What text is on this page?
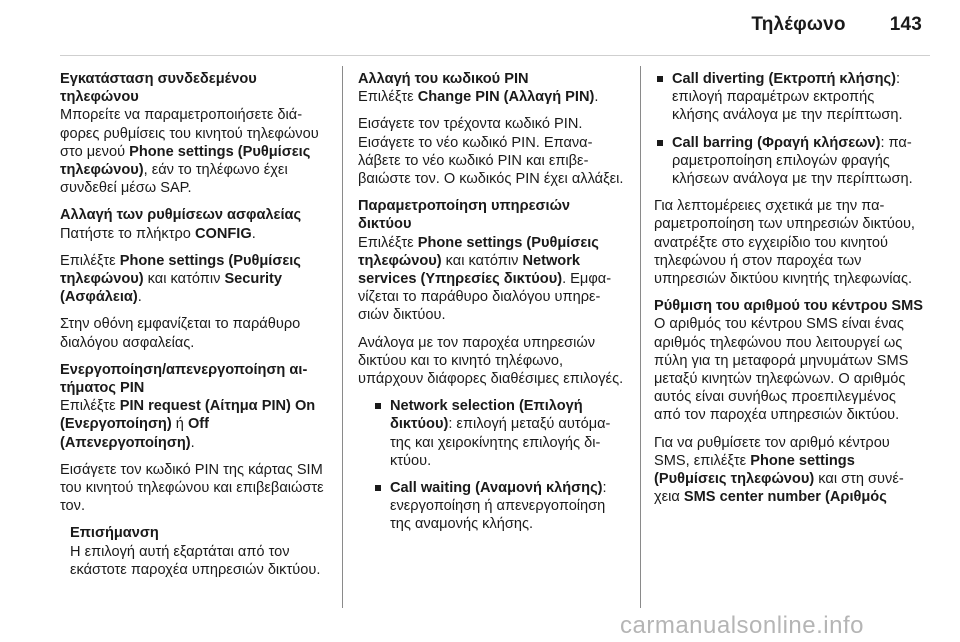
Τηλέφωνο 143
Εγκατάσταση συνδεδεμένου τηλεφώνου
Μπορείτε να παραμετροποιήσετε διάφορες ρυθμίσεις του κινητού τηλεφώνου στο μενού Phone settings (Ρυθμίσεις τηλεφώνου), εάν το τηλέφωνο έχει συνδεθεί μέσω SAP.
Αλλαγή των ρυθμίσεων ασφαλείας
Πατήστε το πλήκτρο CONFIG.

Επιλέξτε Phone settings (Ρυθμίσεις τηλεφώνου) και κατόπιν Security (Ασφάλεια).

Στην οθόνη εμφανίζεται το παράθυρο διαλόγου ασφαλείας.

Ενεργοποίηση/απενεργοποίηση αιτήματος PIN
Επιλέξτε PIN request (Αίτημα PIN) On (Ενεργοποίηση) ή Off (Απενεργοποίηση).

Εισάγετε τον κωδικό PIN της κάρτας SIM του κινητού τηλεφώνου και επιβεβαιώστε τον.

Επισήμανση
Η επιλογή αυτή εξαρτάται από τον εκάστοτε παροχέα υπηρεσιών δικτύου.
Αλλαγή του κωδικού PIN
Επιλέξτε Change PIN (Αλλαγή PIN).

Εισάγετε τον τρέχοντα κωδικό PIN. Εισάγετε το νέο κωδικό PIN. Επαναλάβετε το νέο κωδικό PIN και επιβεβαιώστε τον. Ο κωδικός PIN έχει αλλάξει.

Παραμετροποίηση υπηρεσιών δικτύου
Επιλέξτε Phone settings (Ρυθμίσεις τηλεφώνου) και κατόπιν Network services (Υπηρεσίες δικτύου). Εμφανίζεται το παράθυρο διαλόγου υπηρεσιών δικτύου.

Ανάλογα με τον παροχέα υπηρεσιών δικτύου και το κινητό τηλέφωνο, υπάρχουν διάφορες διαθέσιμες επιλογές.

Network selection (Επιλογή δικτύου): επιλογή μεταξύ αυτόματης και χειροκίνητης επιλογής δικτύου.
Call waiting (Αναμονή κλήσης): ενεργοποίηση ή απενεργοποίηση της αναμονής κλήσης.
Call diverting (Εκτροπή κλήσης): επιλογή παραμέτρων εκτροπής κλήσης ανάλογα με την περίπτωση.
Call barring (Φραγή κλήσεων): παραμετροποίηση επιλογών φραγής κλήσεων ανάλογα με την περίπτωση.

Για λεπτομέρειες σχετικά με την παραμετροποίηση των υπηρεσιών δικτύου, ανατρέξτε στο εγχειρίδιο του κινητού τηλεφώνου ή στον παροχέα των υπηρεσιών δικτύου κινητής τηλεφωνίας.

Ρύθμιση του αριθμού του κέντρου SMS
Ο αριθμός του κέντρου SMS είναι ένας αριθμός τηλεφώνου που λειτουργεί ως πύλη για τη μεταφορά μηνυμάτων SMS μεταξύ κινητών τηλεφώνων. Ο αριθμός αυτός είναι συνήθως προεπιλεγμένος από τον παροχέα υπηρεσιών δικτύου.

Για να ρυθμίσετε τον αριθμό κέντρου SMS, επιλέξτε Phone settings (Ρυθμίσεις τηλεφώνου) και στη συνέχεια SMS center number (Αριθμός

carmanualsonline.info
